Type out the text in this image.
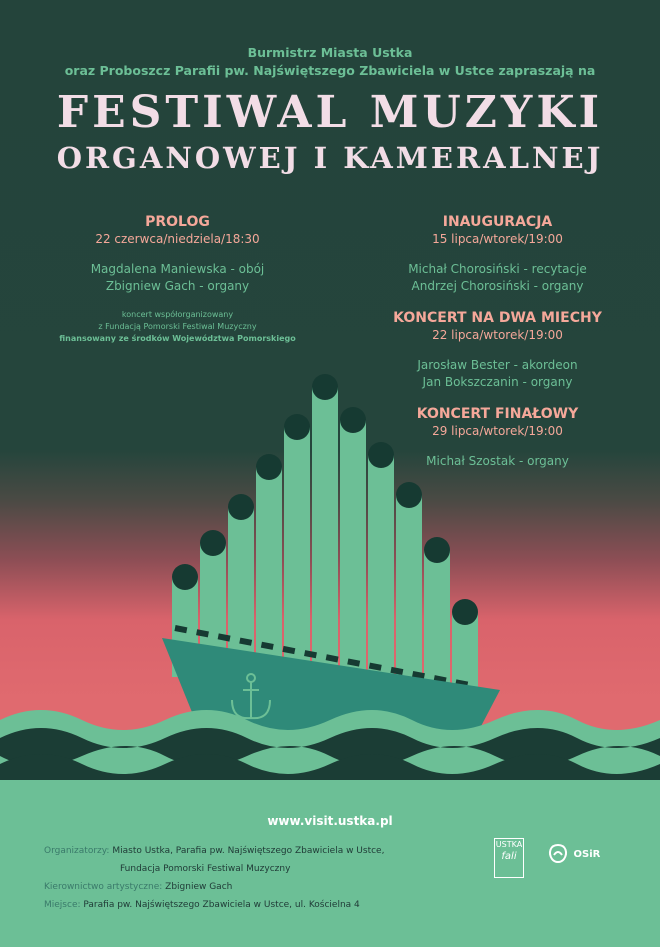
Burmistrz Miasta Ustka
oraz Proboszcz Parafii pw. Najświętszego Zbawiciela w Ustce zapraszają na
FESTIWAL MUZYKI
ORGANOWEJ I KAMERALNEJ
PROLOG
22 czerwca/niedziela/18:30
Magdalena Maniewska - obój
Zbigniew Gach - organy
koncert współorganizowany
z Fundacją Pomorski Festiwal Muzyczny
finansowany ze środków Województwa Pomorskiego
INAUGURACJA
15 lipca/wtorek/19:00
Michał Chorosiński - recytacje
Andrzej Chorosiński - organy
KONCERT NA DWA MIECHY
22 lipca/wtorek/19:00
Jarosław Bester - akordeon
Jan Bokszczanin - organy
KONCERT FINAŁOWY
29 lipca/wtorek/19:00
Michał Szostak - organy
www.visit.ustka.pl
Organizatorzy: Miasto Ustka, Parafia pw. Najświętszego Zbawiciela w Ustce,
Fundacja Pomorski Festiwal Muzyczny
Kierownictwo artystyczne: Zbigniew Gach
Miejsce: Parafia pw. Najświętszego Zbawiciela w Ustce, ul. Kościelna 4
USTKA
fali	OSiR
